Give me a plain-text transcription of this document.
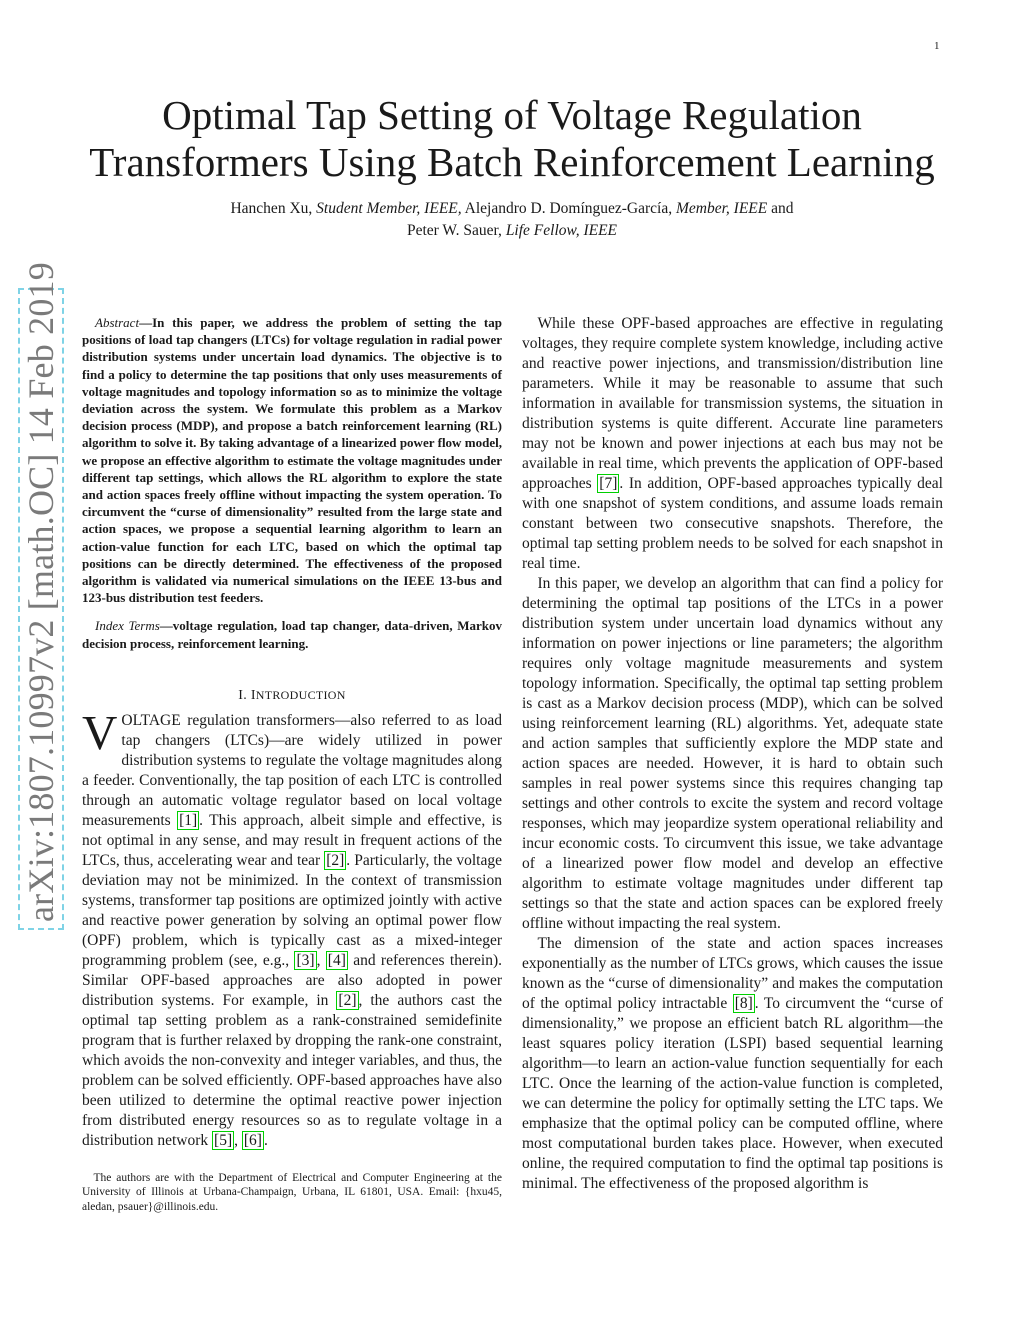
1
arXiv:1807.10997v2 [math.OC] 14 Feb 2019
Optimal Tap Setting of Voltage Regulation
Transformers Using Batch Reinforcement Learning
Hanchen Xu, Student Member, IEEE, Alejandro D. Domínguez-García, Member, IEEE and
Peter W. Sauer, Life Fellow, IEEE

Abstract—In this paper, we address the problem of setting the tap positions of load tap changers (LTCs) for voltage regulation in radial power distribution systems under uncertain load dynamics. The objective is to find a policy to determine the tap positions that only uses measurements of voltage magnitudes and topology information so as to minimize the voltage deviation across the system. We formulate this problem as a Markov decision process (MDP), and propose a batch reinforcement learning (RL) algorithm to solve it. By taking advantage of a linearized power flow model, we propose an effective algorithm to estimate the voltage magnitudes under different tap settings, which allows the RL algorithm to explore the state and action spaces freely offline without impacting the system operation. To circumvent the “curse of dimensionality” resulted from the large state and action spaces, we propose a sequential learning algorithm to learn an action-value function for each LTC, based on which the optimal tap positions can be directly determined. The effectiveness of the proposed algorithm is validated via numerical simulations on the IEEE 13-bus and 123-bus distribution test feeders.

Index Terms—voltage regulation, load tap changer, data-driven, Markov decision process, reinforcement learning.

I. INTRODUCTION

VOLTAGE regulation transformers—also referred to as load tap changers (LTCs)—are widely utilized in power distribution systems to regulate the voltage magnitudes along a feeder. Conventionally, the tap position of each LTC is controlled through an automatic voltage regulator based on local voltage measurements [1] . This approach, albeit simple and effective, is not optimal in any sense, and may result in frequent actions of the LTCs, thus, accelerating wear and tear [2] . Particularly, the voltage deviation may not be minimized. In the context of transmission systems, transformer tap positions are optimized jointly with active and reactive power generation by solving an optimal power flow (OPF) problem, which is typically cast as a mixed-integer programming problem (see, e.g., [3] , [4] and references therein). Similar OPF-based approaches are also adopted in power distribution systems. For example, in [2] , the authors cast the optimal tap setting problem as a rank-constrained semidefinite program that is further relaxed by dropping the rank-one constraint, which avoids the non-convexity and integer variables, and thus, the problem can be solved efficiently. OPF-based approaches have also been utilized to determine the optimal reactive power injection from distributed energy resources so as to regulate voltage in a distribution network [5] , [6] .

The authors are with the Department of Electrical and Computer Engineering at the University of Illinois at Urbana-Champaign, Urbana, IL 61801, USA. Email: {hxu45, aledan, psauer}@illinois.edu.

While these OPF-based approaches are effective in regulating voltages, they require complete system knowledge, including active and reactive power injections, and transmission/distribution line parameters. While it may be reasonable to assume that such information in available for transmission systems, the situation in distribution systems is quite different. Accurate line parameters may not be known and power injections at each bus may not be available in real time, which prevents the application of OPF-based approaches [7] . In addition, OPF-based approaches typically deal with one snapshot of system conditions, and assume loads remain constant between two consecutive snapshots. Therefore, the optimal tap setting problem needs to be solved for each snapshot in real time.

In this paper, we develop an algorithm that can find a policy for determining the optimal tap positions of the LTCs in a power distribution system under uncertain load dynamics without any information on power injections or line parameters; the algorithm requires only voltage magnitude measurements and system topology information. Specifically, the optimal tap setting problem is cast as a Markov decision process (MDP), which can be solved using reinforcement learning (RL) algorithms. Yet, adequate state and action samples that sufficiently explore the MDP state and action spaces are needed. However, it is hard to obtain such samples in real power systems since this requires changing tap settings and other controls to excite the system and record voltage responses, which may jeopardize system operational reliability and incur economic costs. To circumvent this issue, we take advantage of a linearized power flow model and develop an effective algorithm to estimate voltage magnitudes under different tap settings so that the state and action spaces can be explored freely offline without impacting the real system.

The dimension of the state and action spaces increases exponentially as the number of LTCs grows, which causes the issue known as the “curse of dimensionality” and makes the computation of the optimal policy intractable [8] . To circumvent the “curse of dimensionality,” we propose an efficient batch RL algorithm—the least squares policy iteration (LSPI) based sequential learning algorithm—to learn an action-value function sequentially for each LTC. Once the learning of the action-value function is completed, we can determine the policy for optimally setting the LTC taps. We emphasize that the optimal policy can be computed offline, where most computational burden takes place. However, when executed online, the required computation to find the optimal tap positions is minimal. The effectiveness of the proposed algorithm is
